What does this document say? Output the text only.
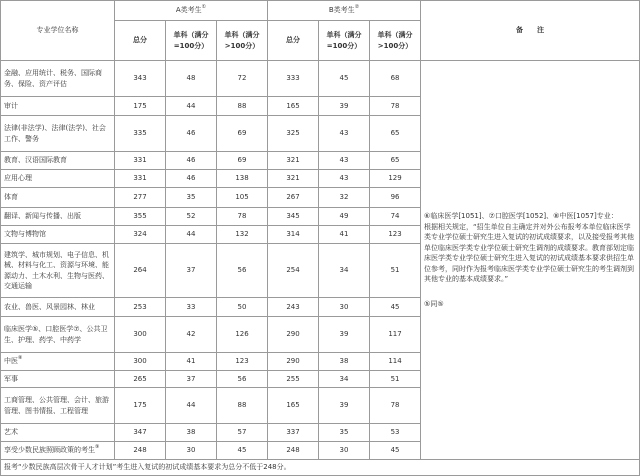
专业学位名称	A类考生①			B类考生②			备　　注
	总分	单科（满分=100分）	单科（满分>100分）	总分	单科（满分=100分）	单科（满分>100分）	
金融、应用统计、税务、国际商务、保险、资产评估	343	48	72	333	45	68	⑥临床医学[1051]、⑦口腔医学[1052]、⑧中医[1057]专业：
根据相关规定，“招生单位自主确定并对外公布报考本单位临床医学类专业学位硕士研究生进入复试的初试成绩要求，以及接受报考其他单位临床医学类专业学位硕士研究生调剂的成绩要求。教育部划定临床医学类专业学位硕士研究生进入复试的初试成绩基本要求供招生单位参考，同时作为报考临床医学类专业学位硕士研究生的考生调剂到其他专业的基本成绩要求。”
⑤同⑤

审计	175	44	88	165	39	78	
法律(非法学)、法律(法学)、社会工作、警务	335	46	69	325	43	65	
教育、汉语国际教育	331	46	69	321	43	65	
应用心理	331	46	138	321	43	129	
体育	277	35	105	267	32	96	
翻译、新闻与传播、出版	355	52	78	345	49	74	
文物与博物馆	324	44	132	314	41	123	
建筑学、城市规划、电子信息、机械、材料与化工、资源与环境、能源动力、土木水利、生物与医药、交通运输	264	37	56	254	34	51	
农业、兽医、风景园林、林业	253	33	50	243	30	45	
临床医学⑤、口腔医学⑦、公共卫生、护理、药学、中药学	300	42	126	290	39	117	
中医⑧	300	41	123	290	38	114	
军事	265	37	56	255	34	51	
工商管理、公共管理、会计、旅游管理、图书情报、工程管理	175	44	88	165	39	78	
艺术	347	38	57	337	35	53	
享受少数民族照顾政策的考生⑨	248	30	45	248	30	45	
报考“少数民族高层次骨干人才计划”考生进入复试的初试成绩基本要求为总分不低于248分。							
